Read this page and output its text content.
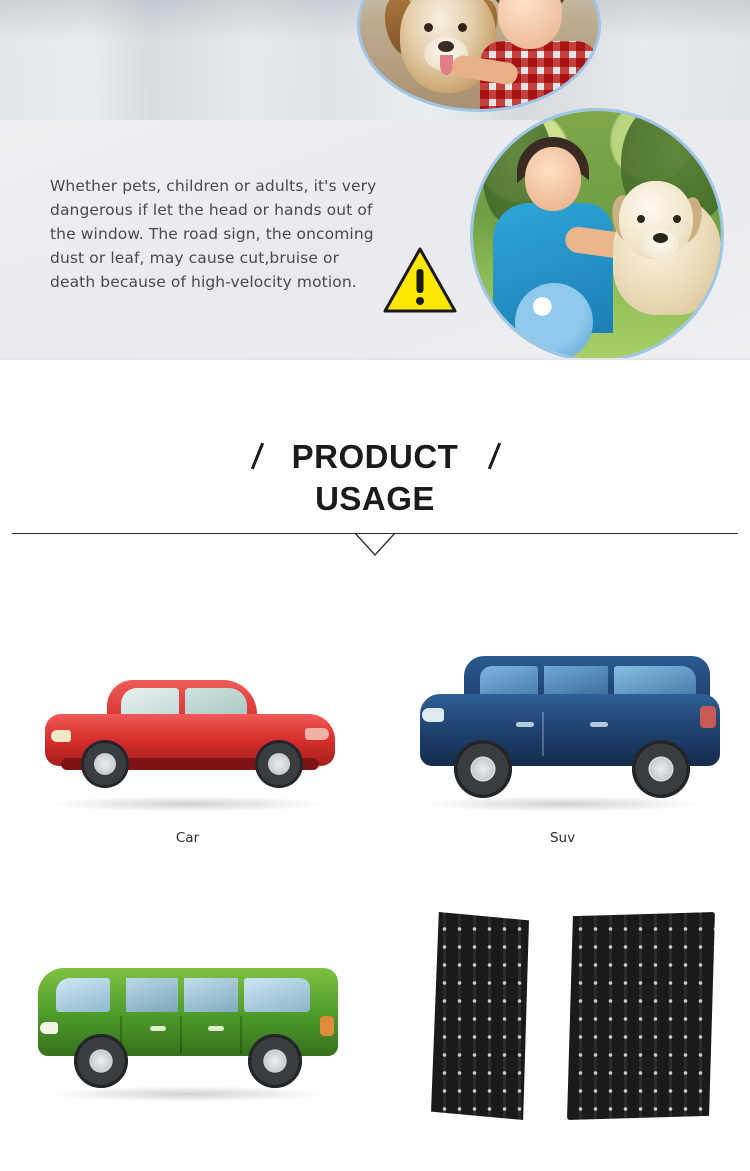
Whether pets, children or adults, it's very dangerous if let the head or hands out of the window. The road sign, the oncoming dust or leaf, may cause cut,bruise or death because of high-velocity motion.

PRODUCT
USAGE
Car	Suv
